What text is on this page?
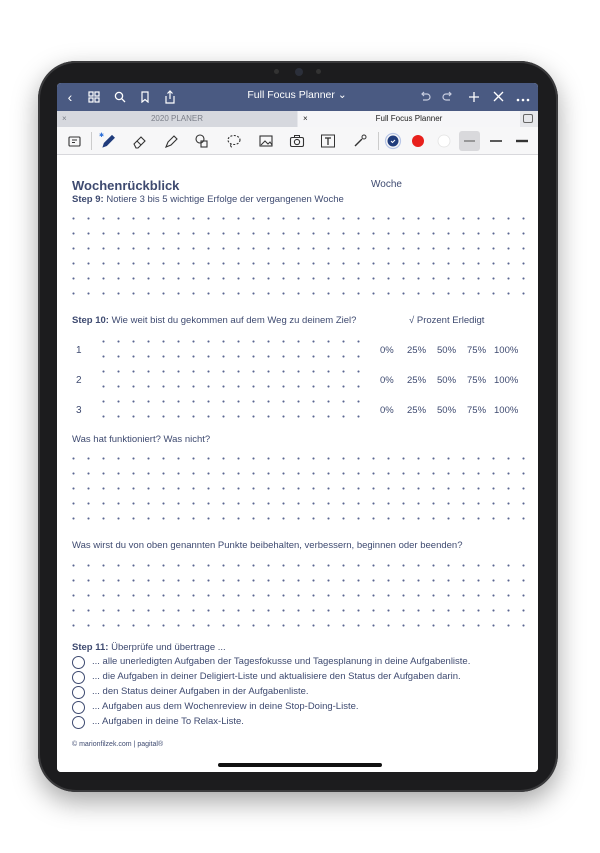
‹	Full Focus Planner ⌄
×	2020 PLANER	×	Full Focus Planner
✱
Wochenrückblick	Woche
Step 9: Notiere 3 bis 5 wichtige Erfolge der vergangenen Woche
Step 10: Wie weit bist du gekommen auf dem Weg zu deinem Ziel?	√ Prozent Erledigt
1	0% 25% 50% 75% 100%
2	0% 25% 50% 75% 100%
3	0% 25% 50% 75% 100%
Was hat funktioniert? Was nicht?
Was wirst du von oben genannten Punkte beibehalten, verbessern, beginnen oder beenden?
Step 11: Überprüfe und übertrage ...
... alle unerledigten Aufgaben der Tagesfokusse und Tagesplanung in deine Aufgabenliste.
... die Aufgaben in deiner Deligiert-Liste und aktualisiere den Status der Aufgaben darin.
... den Status deiner Aufgaben in der Aufgabenliste.
... Aufgaben aus dem Wochenreview in deine Stop-Doing-Liste.
... Aufgaben in deine To Relax-Liste.
© marionfilzek.com | pagital®
